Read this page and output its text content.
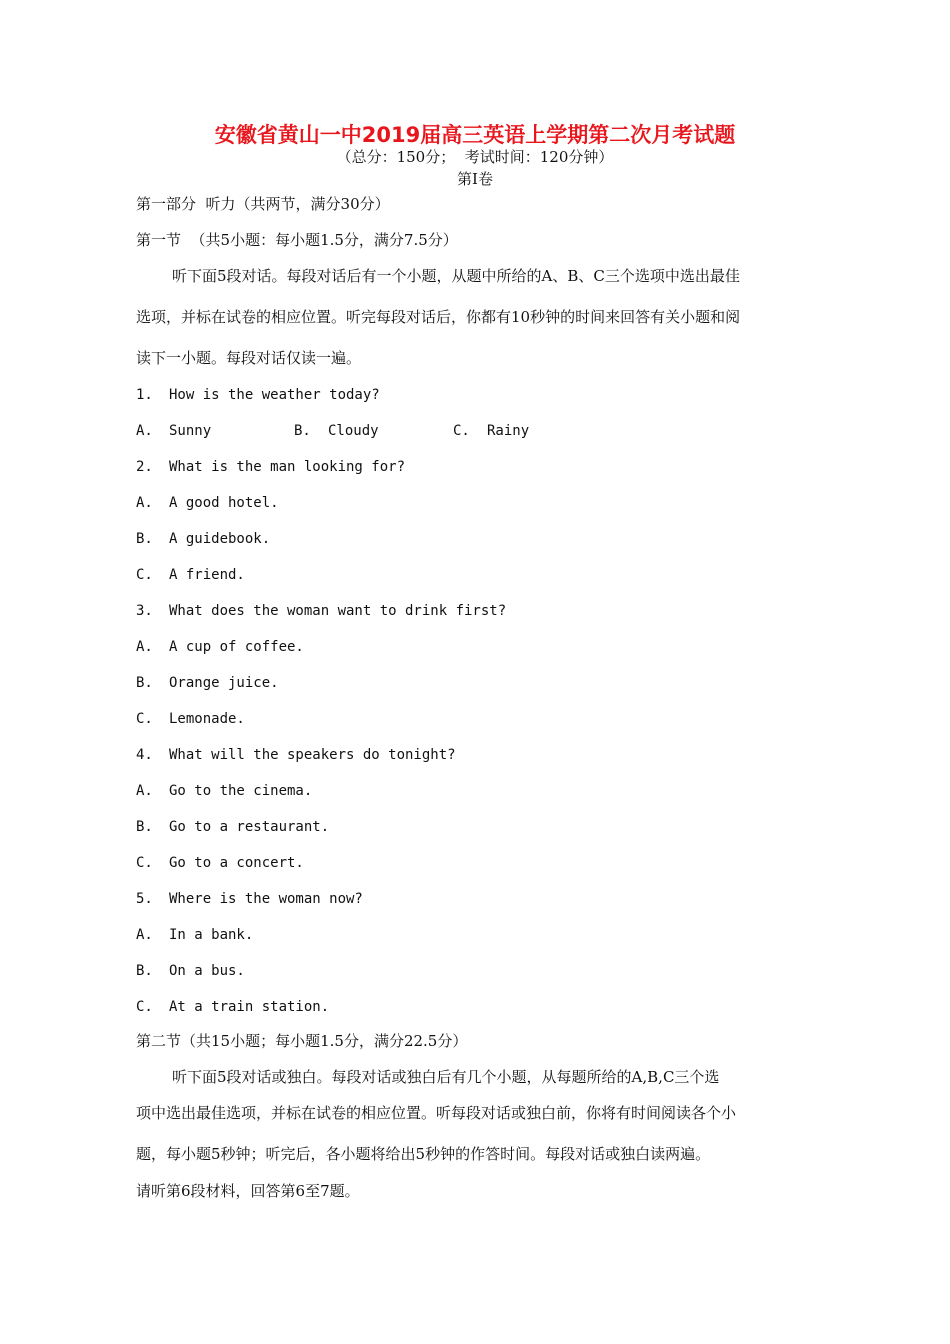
安徽省黄山一中2019届高三英语上学期第二次月考试题
（总分：150分；  考试时间：120分钟）
第Ⅰ卷
第一部分  听力（共两节，满分30分）
第一节  （共5小题：每小题1.5分，满分7.5分）
听下面5段对话。每段对话后有一个小题，从题中所给的A、B、C三个选项中选出最佳
选项，并标在试卷的相应位置。听完每段对话后，你都有10秒钟的时间来回答有关小题和阅
读下一小题。每段对话仅读一遍。
1. How is the weather today?
A. Sunny	B. Cloudy	C. Rainy
2. What is the man looking for?
A. A good hotel.
B. A guidebook.
C. A friend.
3. What does the woman want to drink first?
A. A cup of coffee.
B. Orange juice.
C. Lemonade.
4. What will the speakers do tonight?
A. Go to the cinema.
B. Go to a restaurant.
C. Go to a concert.
5. Where is the woman now?
A. In a bank.
B. On a bus.
C. At a train station.
第二节（共15小题；每小题1.5分，满分22.5分）
听下面5段对话或独白。每段对话或独白后有几个小题，从每题所给的A,B,C三个选
项中选出最佳选项，并标在试卷的相应位置。听每段对话或独白前，你将有时间阅读各个小
题，每小题5秒钟；听完后，各小题将给出5秒钟的作答时间。每段对话或独白读两遍。
请听第6段材料，回答第6至7题。
